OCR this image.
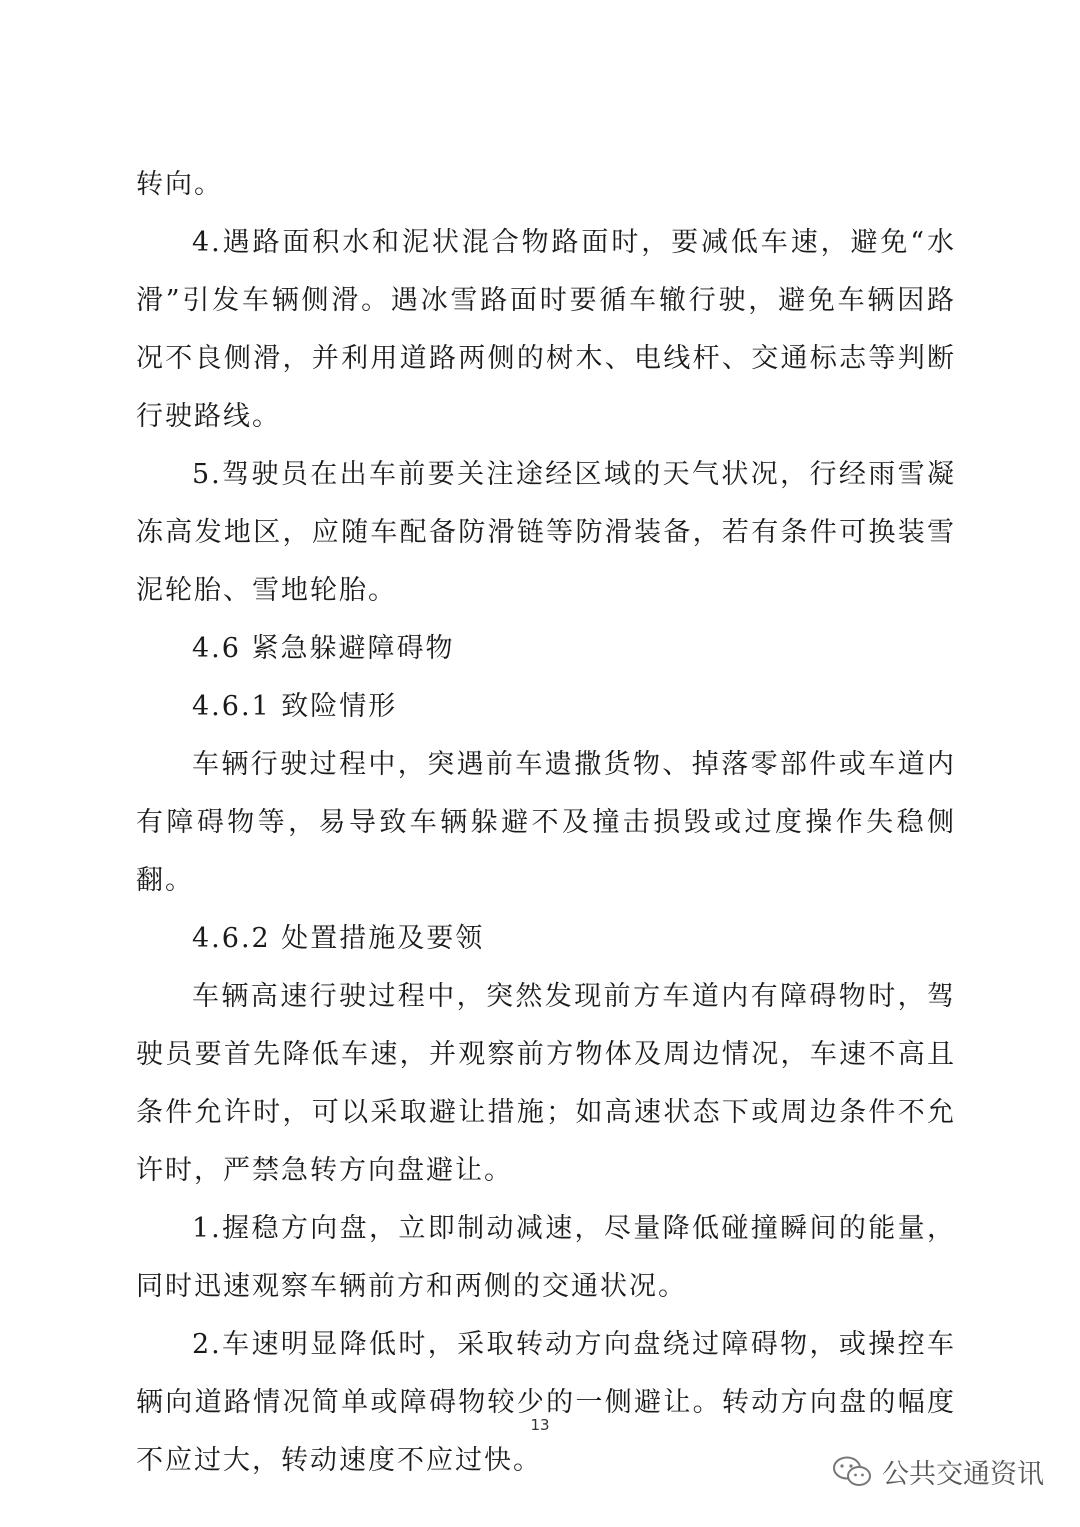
转向。

4.遇路面积水和泥状混合物路面时，要减低车速，避免“水滑”引发车辆侧滑。遇冰雪路面时要循车辙行驶，避免车辆因路况不良侧滑，并利用道路两侧的树木、电线杆、交通标志等判断行驶路线。

5.驾驶员在出车前要关注途经区域的天气状况，行经雨雪凝冻高发地区，应随车配备防滑链等防滑装备，若有条件可换装雪泥轮胎、雪地轮胎。

4.6 紧急躲避障碍物

4.6.1 致险情形

车辆行驶过程中，突遇前车遗撒货物、掉落零部件或车道内有障碍物等，易导致车辆躲避不及撞击损毁或过度操作失稳侧翻。

4.6.2 处置措施及要领

车辆高速行驶过程中，突然发现前方车道内有障碍物时，驾驶员要首先降低车速，并观察前方物体及周边情况，车速不高且条件允许时，可以采取避让措施；如高速状态下或周边条件不允许时，严禁急转方向盘避让。

1.握稳方向盘，立即制动减速，尽量降低碰撞瞬间的能量，同时迅速观察车辆前方和两侧的交通状况。

2.车速明显降低时，采取转动方向盘绕过障碍物，或操控车辆向道路情况简单或障碍物较少的一侧避让。转动方向盘的幅度不应过大，转动速度不应过快。

13
公共交通资讯
